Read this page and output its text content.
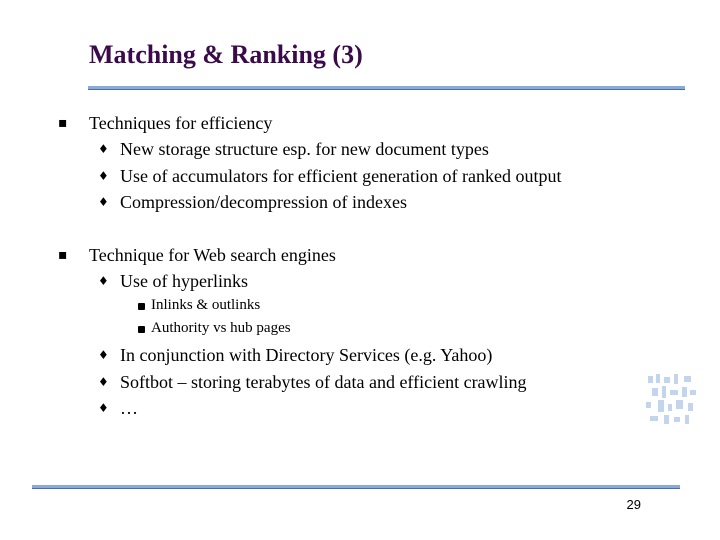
Matching & Ranking (3)
▪ Techniques for efficiency
♦ New storage structure esp. for new document types
♦ Use of accumulators for efficient generation of ranked output
♦ Compression/decompression of indexes
▪ Technique for Web search engines
♦ Use of hyperlinks
Inlinks & outlinks
Authority vs hub pages
♦ In conjunction with Directory Services (e.g. Yahoo)
♦ Softbot – storing terabytes of data and efficient crawling
♦ …
29
